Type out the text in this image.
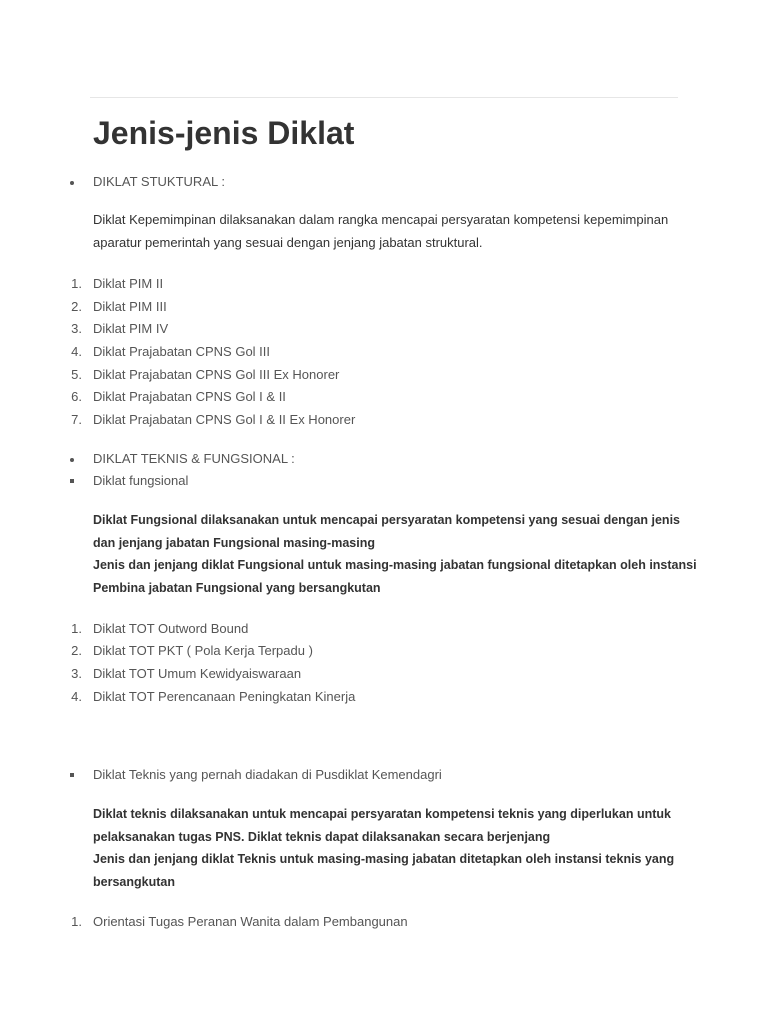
Jenis-jenis Diklat
DIKLAT STUKTURAL :
Diklat Kepemimpinan dilaksanakan dalam rangka mencapai persyaratan kompetensi kepemimpinan
aparatur pemerintah yang sesuai dengan jenjang jabatan struktural.
1. Diklat PIM II
2. Diklat PIM III
3. Diklat PIM IV
4. Diklat Prajabatan CPNS Gol III
5. Diklat Prajabatan CPNS Gol III Ex Honorer
6. Diklat Prajabatan CPNS Gol I & II
7. Diklat Prajabatan CPNS Gol I & II Ex Honorer
DIKLAT TEKNIS & FUNGSIONAL :
Diklat fungsional
Diklat Fungsional dilaksanakan untuk mencapai persyaratan kompetensi yang sesuai dengan jenis
dan jenjang jabatan Fungsional masing-masing
Jenis dan jenjang diklat Fungsional untuk masing-masing jabatan fungsional ditetapkan oleh instansi
Pembina jabatan Fungsional yang bersangkutan
1. Diklat TOT Outword Bound
2. Diklat TOT PKT ( Pola Kerja Terpadu )
3. Diklat TOT Umum Kewidyaiswaraan
4. Diklat TOT Perencanaan Peningkatan Kinerja
Diklat Teknis yang pernah diadakan di Pusdiklat Kemendagri
Diklat teknis dilaksanakan untuk mencapai persyaratan kompetensi teknis yang diperlukan untuk
pelaksanakan tugas PNS. Diklat teknis dapat dilaksanakan secara berjenjang
Jenis dan jenjang diklat Teknis untuk masing-masing jabatan ditetapkan oleh instansi teknis yang
bersangkutan
1. Orientasi Tugas Peranan Wanita dalam Pembangunan
